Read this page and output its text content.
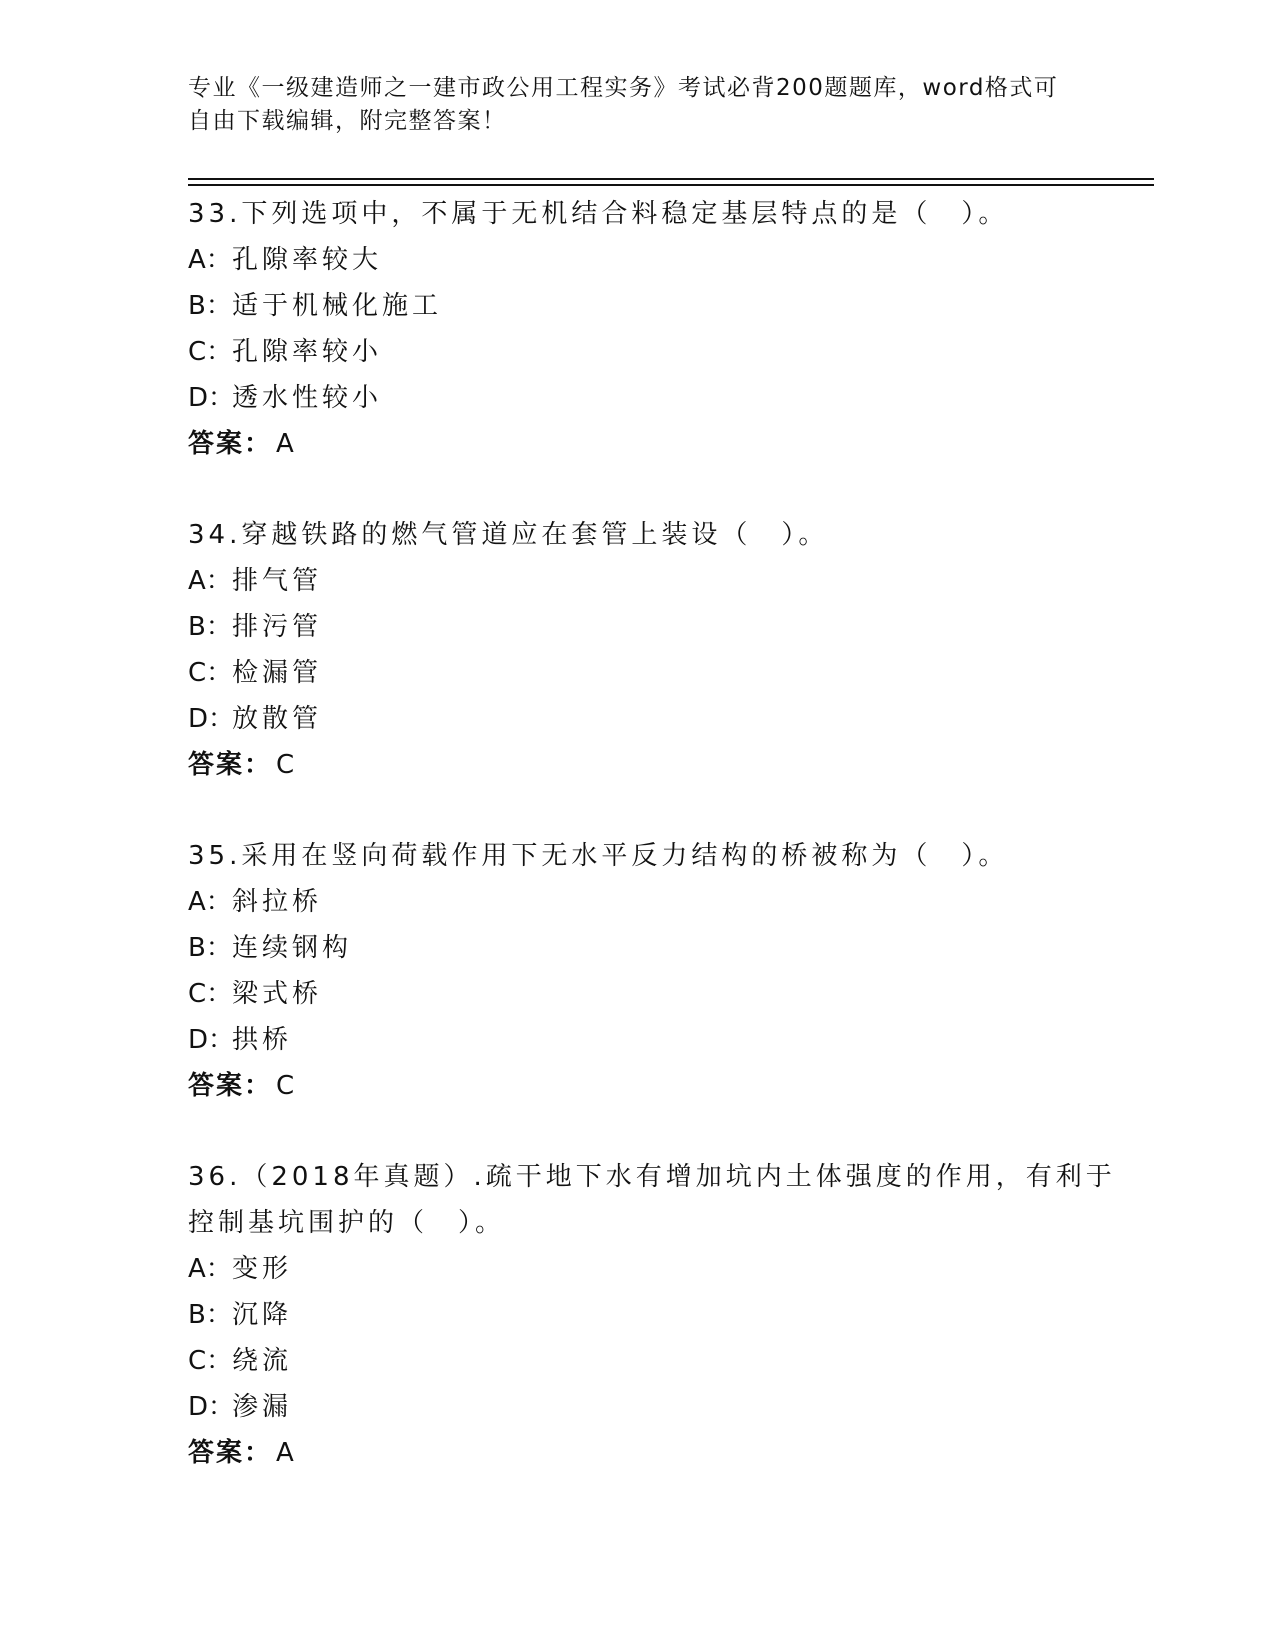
专业《一级建造师之一建市政公用工程实务》考试必背200题题库，word格式可
自由下载编辑，附完整答案！
33.下列选项中，不属于无机结合料稳定基层特点的是（　）。
A：孔隙率较大
B：适于机械化施工
C：孔隙率较小
D：透水性较小
答案： A
34.穿越铁路的燃气管道应在套管上装设（　）。
A：排气管
B：排污管
C：检漏管
D：放散管
答案： C
35.采用在竖向荷载作用下无水平反力结构的桥被称为（　）。
A：斜拉桥
B：连续钢构
C：梁式桥
D：拱桥
答案： C
36.（2018年真题）.疏干地下水有增加坑内土体强度的作用，有利于
控制基坑围护的（　）。
A：变形
B：沉降
C：绕流
D：渗漏
答案： A
